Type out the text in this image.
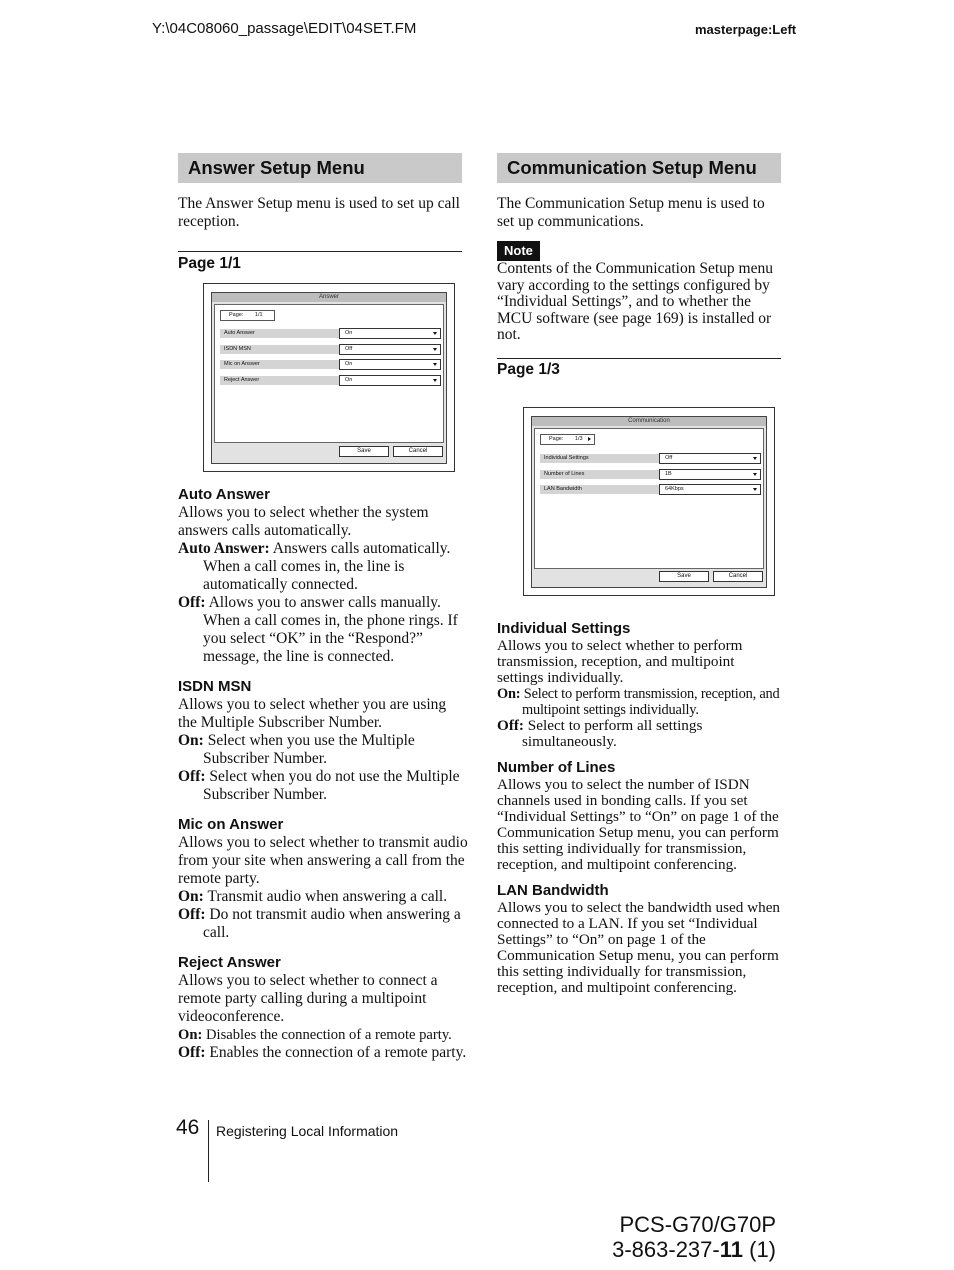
Y:\04C08060_passage\EDIT\04SET.FM	masterpage:Left
Answer Setup Menu
The Answer Setup menu is used to set up call reception.
Page 1/1
Answer
Page: 1/1
Auto Answer	On
ISDN MSN	Off
Mic on Answer	On
Reject Answer	On
Save	Cancel
Auto Answer
Allows you to select whether the system answers calls automatically.
Auto Answer: Answers calls automatically. When a call comes in, the line is automatically connected.
Off: Allows you to answer calls manually. When a call comes in, the phone rings. If you select “OK” in the “Respond?” message, the line is connected.
ISDN MSN
Allows you to select whether you are using the Multiple Subscriber Number.
On: Select when you use the Multiple Subscriber Number.
Off: Select when you do not use the Multiple Subscriber Number.
Mic on Answer
Allows you to select whether to transmit audio from your site when answering a call from the remote party.
On: Transmit audio when answering a call.
Off: Do not transmit audio when answering a call.
Reject Answer
Allows you to select whether to connect a remote party calling during a multipoint videoconference.
On: Disables the connection of a remote party.
Off: Enables the connection of a remote party.
Communication Setup Menu
The Communication Setup menu is used to set up communications.
Note
Contents of the Communication Setup menu vary according to the settings configured by “Individual Settings”, and to whether the MCU software (see page 169) is installed or not.
Page 1/3
Communication
Page: 1/3
Individual Settings	Off
Number of Lines	1B
LAN Bandwidth	64Kbps
Save	Cancel
Individual Settings
Allows you to select whether to perform transmission, reception, and multipoint settings individually.
On: Select to perform transmission, reception, and multipoint settings individually.
Off: Select to perform all settings simultaneously.
Number of Lines
Allows you to select the number of ISDN channels used in bonding calls. If you set “Individual Settings” to “On” on page 1 of the Communication Setup menu, you can perform this setting individually for transmission, reception, and multipoint conferencing.
LAN Bandwidth
Allows you to select the bandwidth used when connected to a LAN. If you set “Individual Settings” to “On” on page 1 of the Communication Setup menu, you can perform this setting individually for transmission, reception, and multipoint conferencing.
46 Registering Local Information
PCS-G70/G70P
3-863-237-11 (1)
